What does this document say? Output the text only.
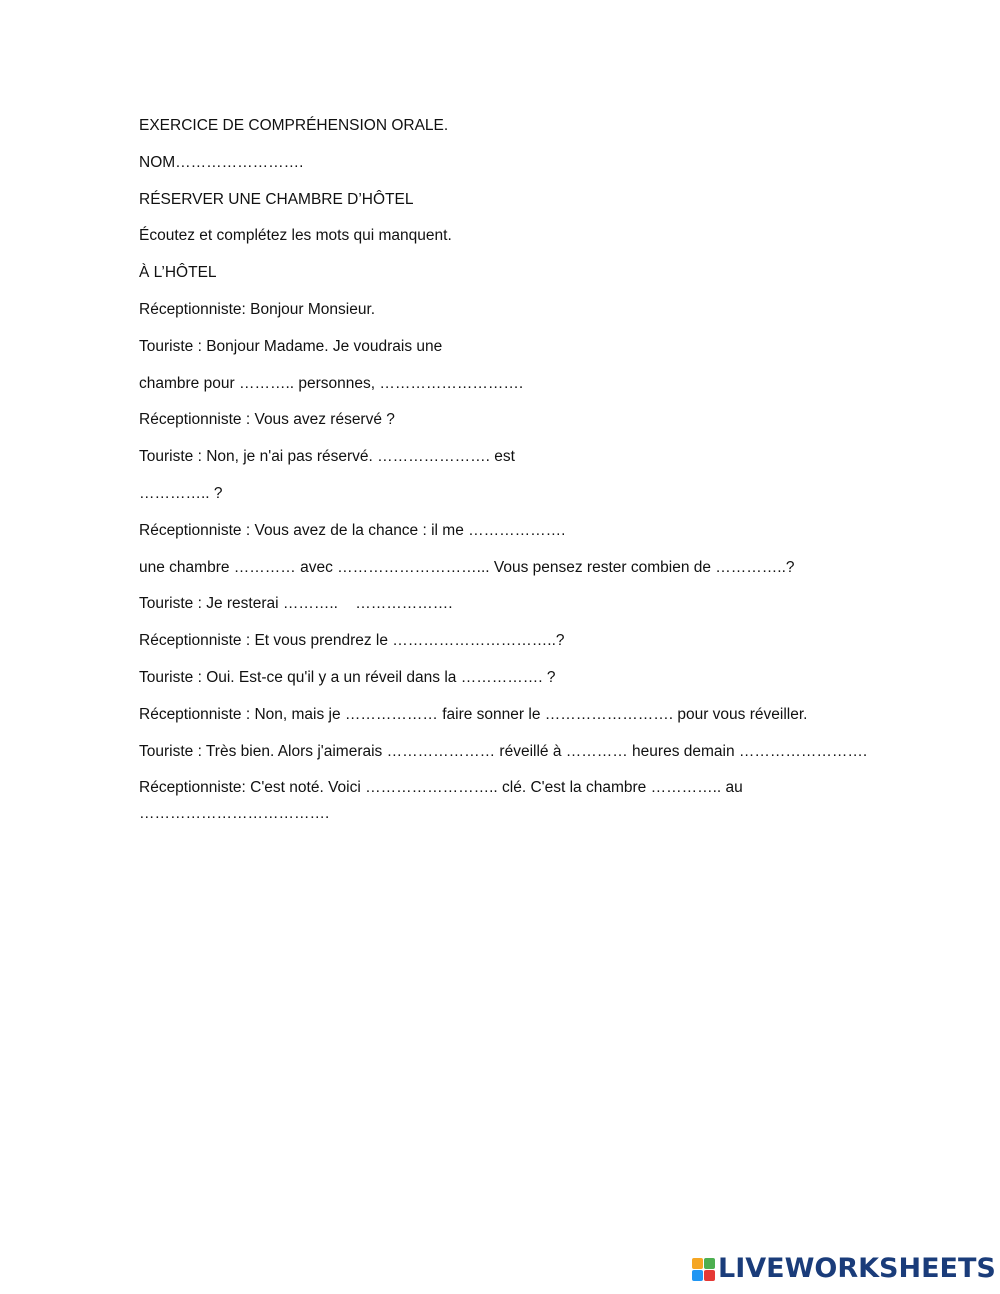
EXERCICE DE COMPRÉHENSION ORALE.
NOM…………………….
RÉSERVER UNE CHAMBRE D’HÔTEL
Écoutez et complétez les mots qui manquent.
À L’HÔTEL
Réceptionniste: Bonjour Monsieur.
Touriste : Bonjour Madame. Je voudrais une
chambre pour ……….. personnes, ……………………….
Réceptionniste : Vous avez réservé ?
Touriste : Non, je n'ai pas réservé. …………………. est
………….. ?
Réceptionniste : Vous avez de la chance : il me ……………….
une chambre ………… avec ………………………... Vous pensez rester combien de …………..?
Touriste : Je resterai ………..    ……………….
Réceptionniste : Et vous prendrez le …………………………..?
Touriste : Oui. Est-ce qu'il y a un réveil dans la ……………. ?
Réceptionniste : Non, mais je ……………… faire sonner le ……………………. pour vous réveiller.
Touriste : Très bien. Alors j'aimerais ………………… réveillé à ………… heures demain …………………….
Réceptionniste: C'est noté. Voici …………………….. clé. C'est la chambre ………….. au
……………………………….
LIVEWORKSHEETS
